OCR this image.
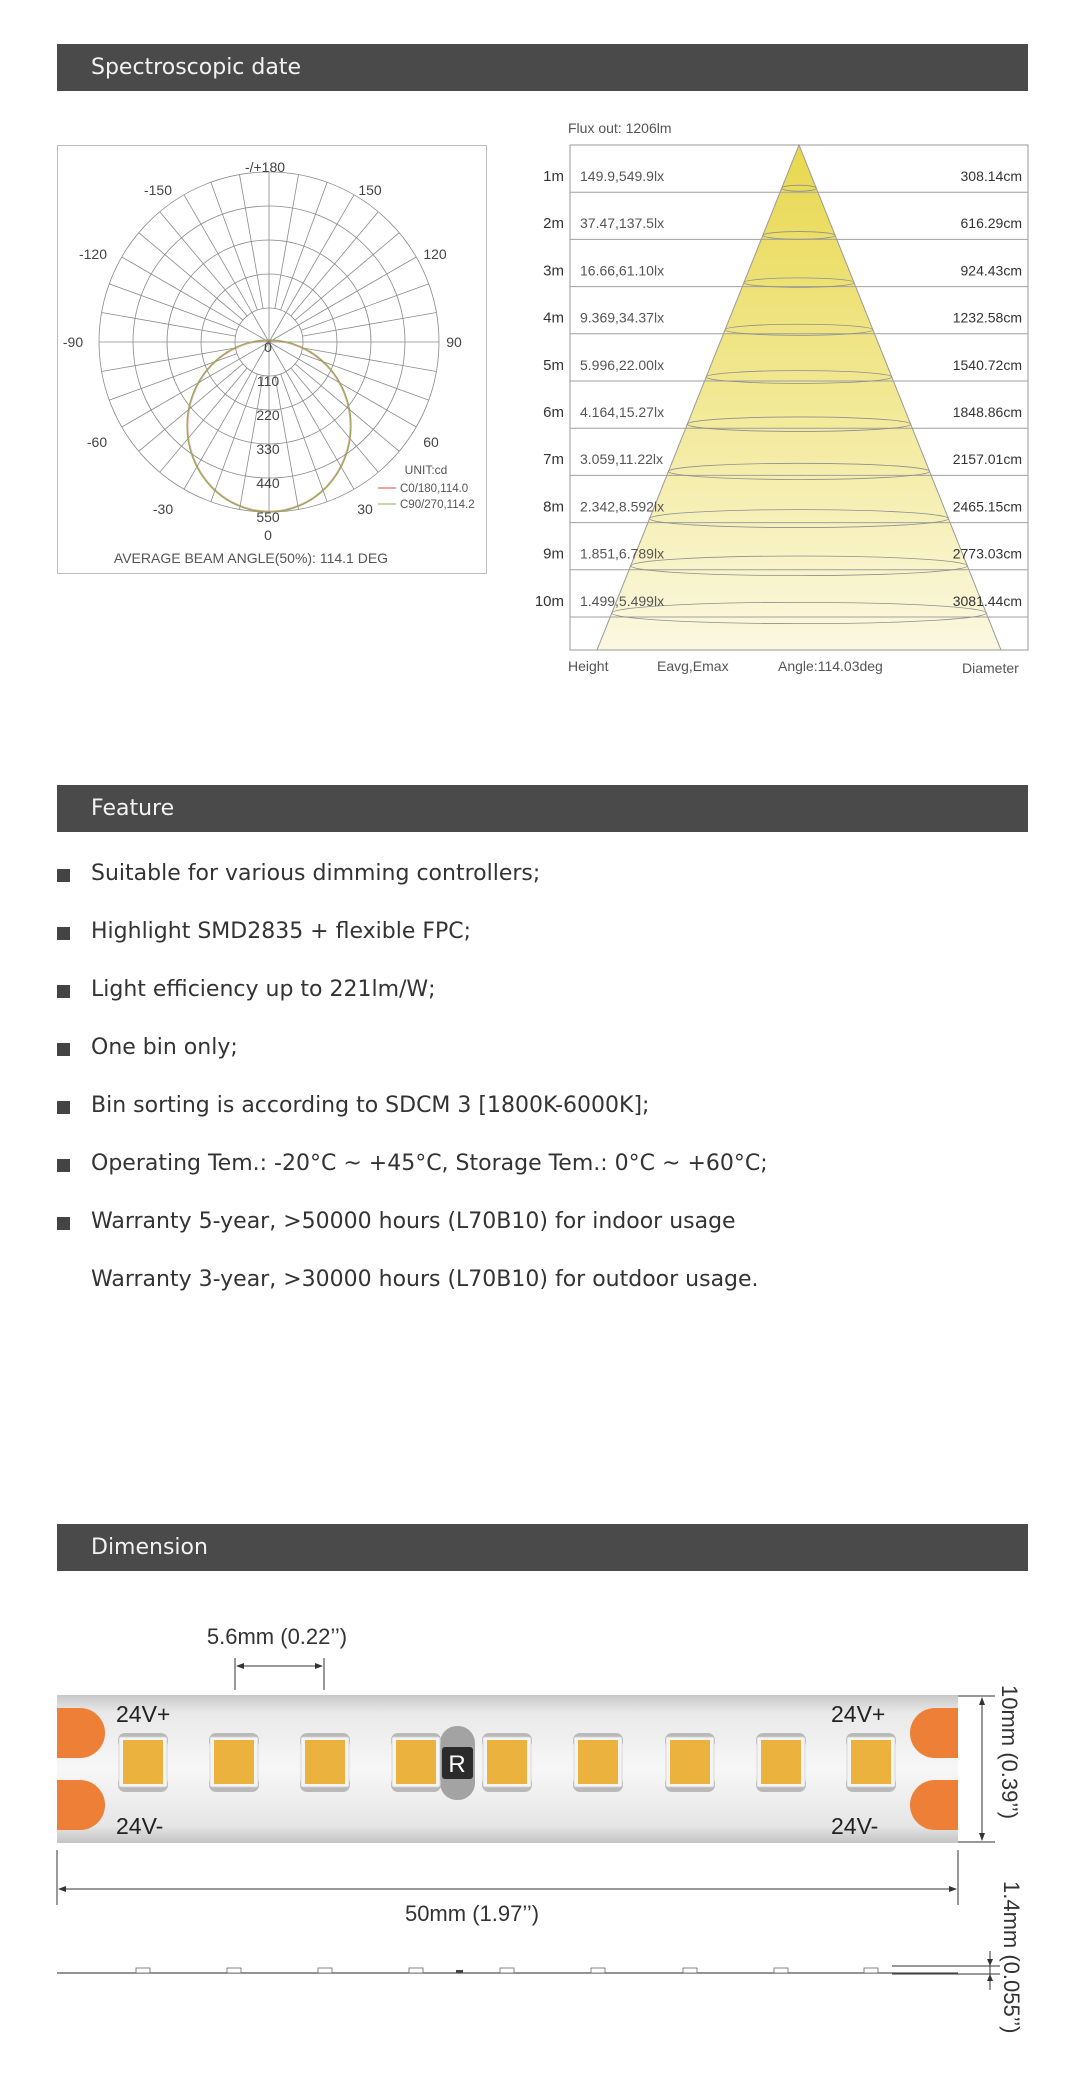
Spectroscopic date
-/+180
-150	150
-120	120
-90	90
-60	60
-30	30
0
0
110
220
330
440
550
UNIT:cd
C0/180,114.0
C90/270,114.2
AVERAGE BEAM ANGLE(50%): 114.1 DEG
Flux out: 1206lm
1m 149.9,549.9lx	308.14cm
2m 37.47,137.5lx	616.29cm
3m 16.66,61.10lx	924.43cm
4m 9.369,34.37lx	1232.58cm
5m 5.996,22.00lx	1540.72cm
6m 4.164,15.27lx	1848.86cm
7m 3.059,11.22lx	2157.01cm
8m 2.342,8.592lx	2465.15cm
9m 1.851,6.789lx	2773.03cm
10m 1.499,5.499lx	3081.44cm
Height	Eavg,Emax	Angle:114.03deg	Diameter
Feature
Suitable for various dimming controllers;
Highlight SMD2835 + flexible FPC;
Light efficiency up to 221lm/W;
One bin only;
Bin sorting is according to SDCM 3 [1800K-6000K];
Operating Tem.: -20°C ~ +45°C, Storage Tem.: 0°C ~ +60°C;
Warranty 5-year, >50000 hours (L70B10) for indoor usage
Warranty 3-year, >30000 hours (L70B10) for outdoor usage.
Dimension
5.6mm (0.22’’)
24V+
24V-
24V+
24V-
R	10mm (0.39’’)
50mm (1.97’’)	1.4mm (0.055’’)
